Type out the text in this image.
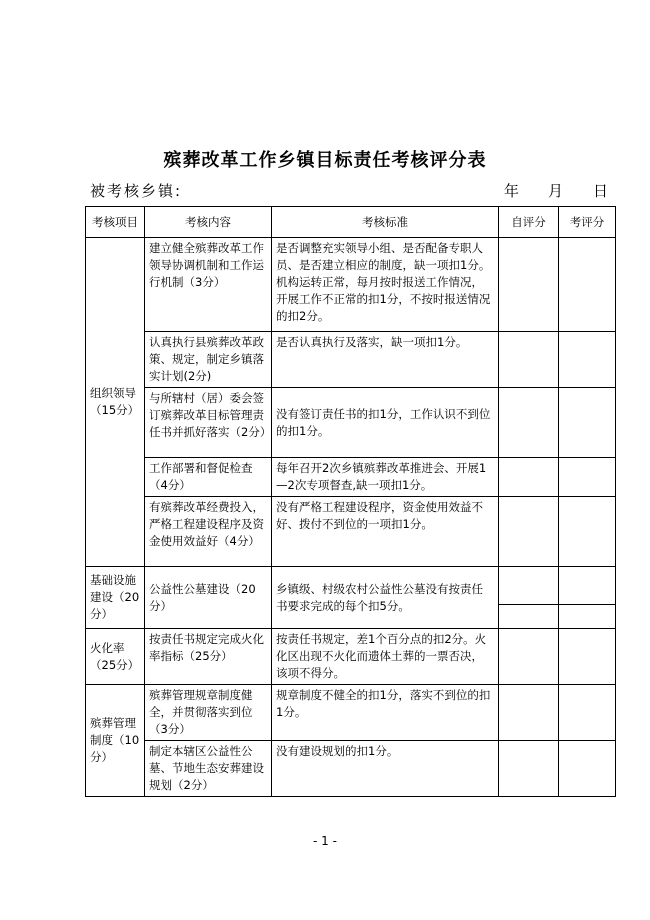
殡葬改革工作乡镇目标责任考核评分表
被考核乡镇:	年 月 日
考核项目	考核内容	考核标准	自评分	考评分
组织领导（15分）	建立健全殡葬改革工作领导协调机制和工作运行机制（3分）	是否调整充实领导小组、是否配备专职人员、是否建立相应的制度，缺一项扣1分。机构运转正常，每月按时报送工作情况，开展工作不正常的扣1分，不按时报送情况的扣2分。		
	认真执行县殡葬改革政策、规定，制定乡镇落实计划(2分)	是否认真执行及落实，缺一项扣1分。		
	与所辖村（居）委会签订殡葬改革目标管理责任书并抓好落实（2分）	没有签订责任书的扣1分，工作认识不到位的扣1分。		
	工作部署和督促检查（4分）	每年召开2次乡镇殡葬改革推进会、开展1—2次专项督查,缺一项扣1分。		
	有殡葬改革经费投入，严格工程建设程序及资金使用效益好（4分）	没有严格工程建设程序，资金使用效益不好、拨付不到位的一项扣1分。		
基础设施建设（20分）	公益性公墓建设（20分）	乡镇级、村级农村公益性公墓没有按责任书要求完成的每个扣5分。		

火化率（25分）	按责任书规定完成火化率指标（25分）	按责任书规定，差1个百分点的扣2分。火化区出现不火化而遗体土葬的一票否决，该项不得分。		
殡葬管理制度（10分）	殡葬管理规章制度健全，并贯彻落实到位（3分）	规章制度不健全的扣1分，落实不到位的扣1分。		
	制定本辖区公益性公墓、节地生态安葬建设规划（2分）	没有建设规划的扣1分。		
- 1 -
